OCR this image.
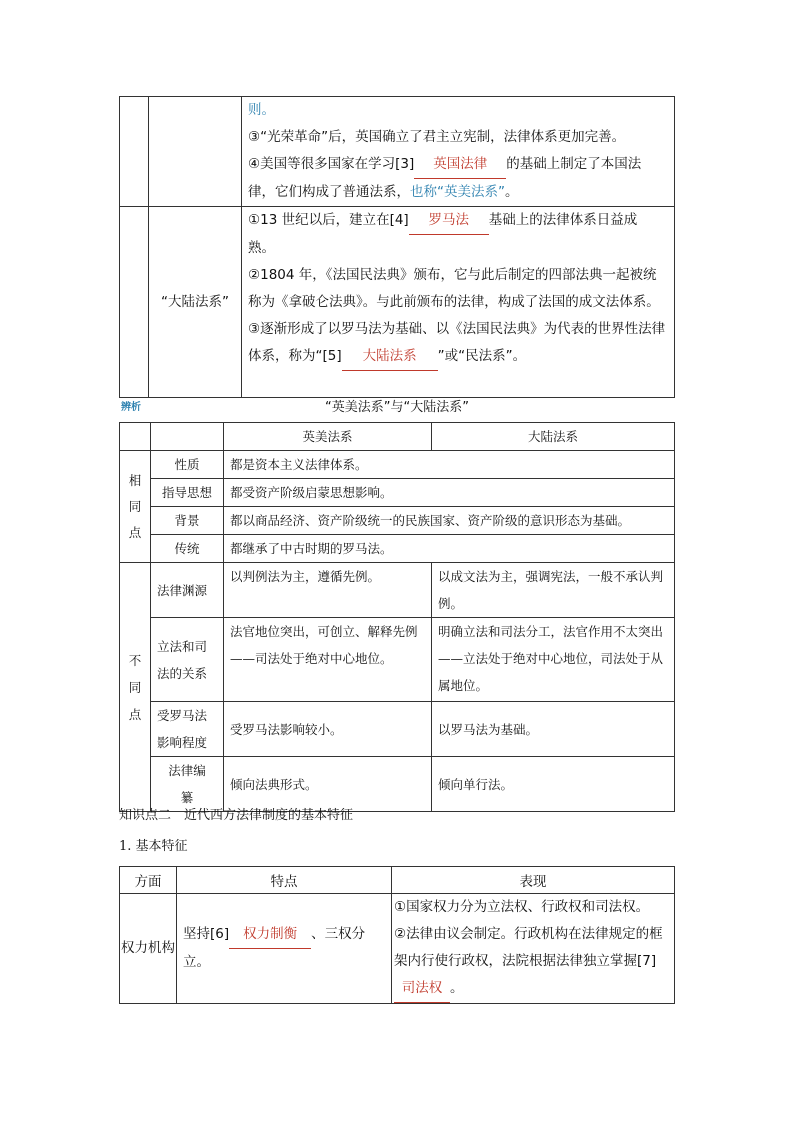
		则。

③“光荣革命”后，英国确立了君主立宪制，法律体系更加完善。

④美国等很多国家在学习[3] 英国法律 的基础上制定了本国法

律，它们构成了普通法系，也称“英美法系”。

	“大陆法系”	①13 世纪以后，建立在[4] 罗马法 基础上的法律体系日益成

熟。

②1804 年，《法国民法典》颁布，它与此后制定的四部法典一起被统称为《拿破仑法典》。与此前颁布的法律，构成了法国的成文法体系。

③逐渐形成了以罗马法为基础、以《法国民法典》为代表的世界性法律体系，称为“[5] 大陆法系 ”或“民法系”。

“英美法系”与“大陆法系”
辨析
		英美法系	大陆法系
相同点	性质	都是资本主义法律体系。	
	指导思想	都受资产阶级启蒙思想影响。	
	背景	都以商品经济、资产阶级统一的民族国家、资产阶级的意识形态为基础。	
	传统	都继承了中古时期的罗马法。	
不同点	法律渊源	以判例法为主，遵循先例。	以成文法为主，强调宪法，一般不承认判例。
	立法和司法的关系	法官地位突出，可创立、解释先例——司法处于绝对中心地位。	明确立法和司法分工，法官作用不太突出——立法处于绝对中心地位，司法处于从属地位。
	受罗马法影响程度	受罗马法影响较小。	以罗马法为基础。
	法律编纂	倾向法典形式。	倾向单行法。
知识点二　近代西方法律制度的基本特征
1. 基本特征
方面	特点	表现
权力机构	坚持[6] 权力制衡 、三权分立。	①国家权力分为立法权、行政权和司法权。
②法律由议会制定。行政机构在法律规定的框架内行使行政权，法院根据法律独立掌握[7]司法权 。
